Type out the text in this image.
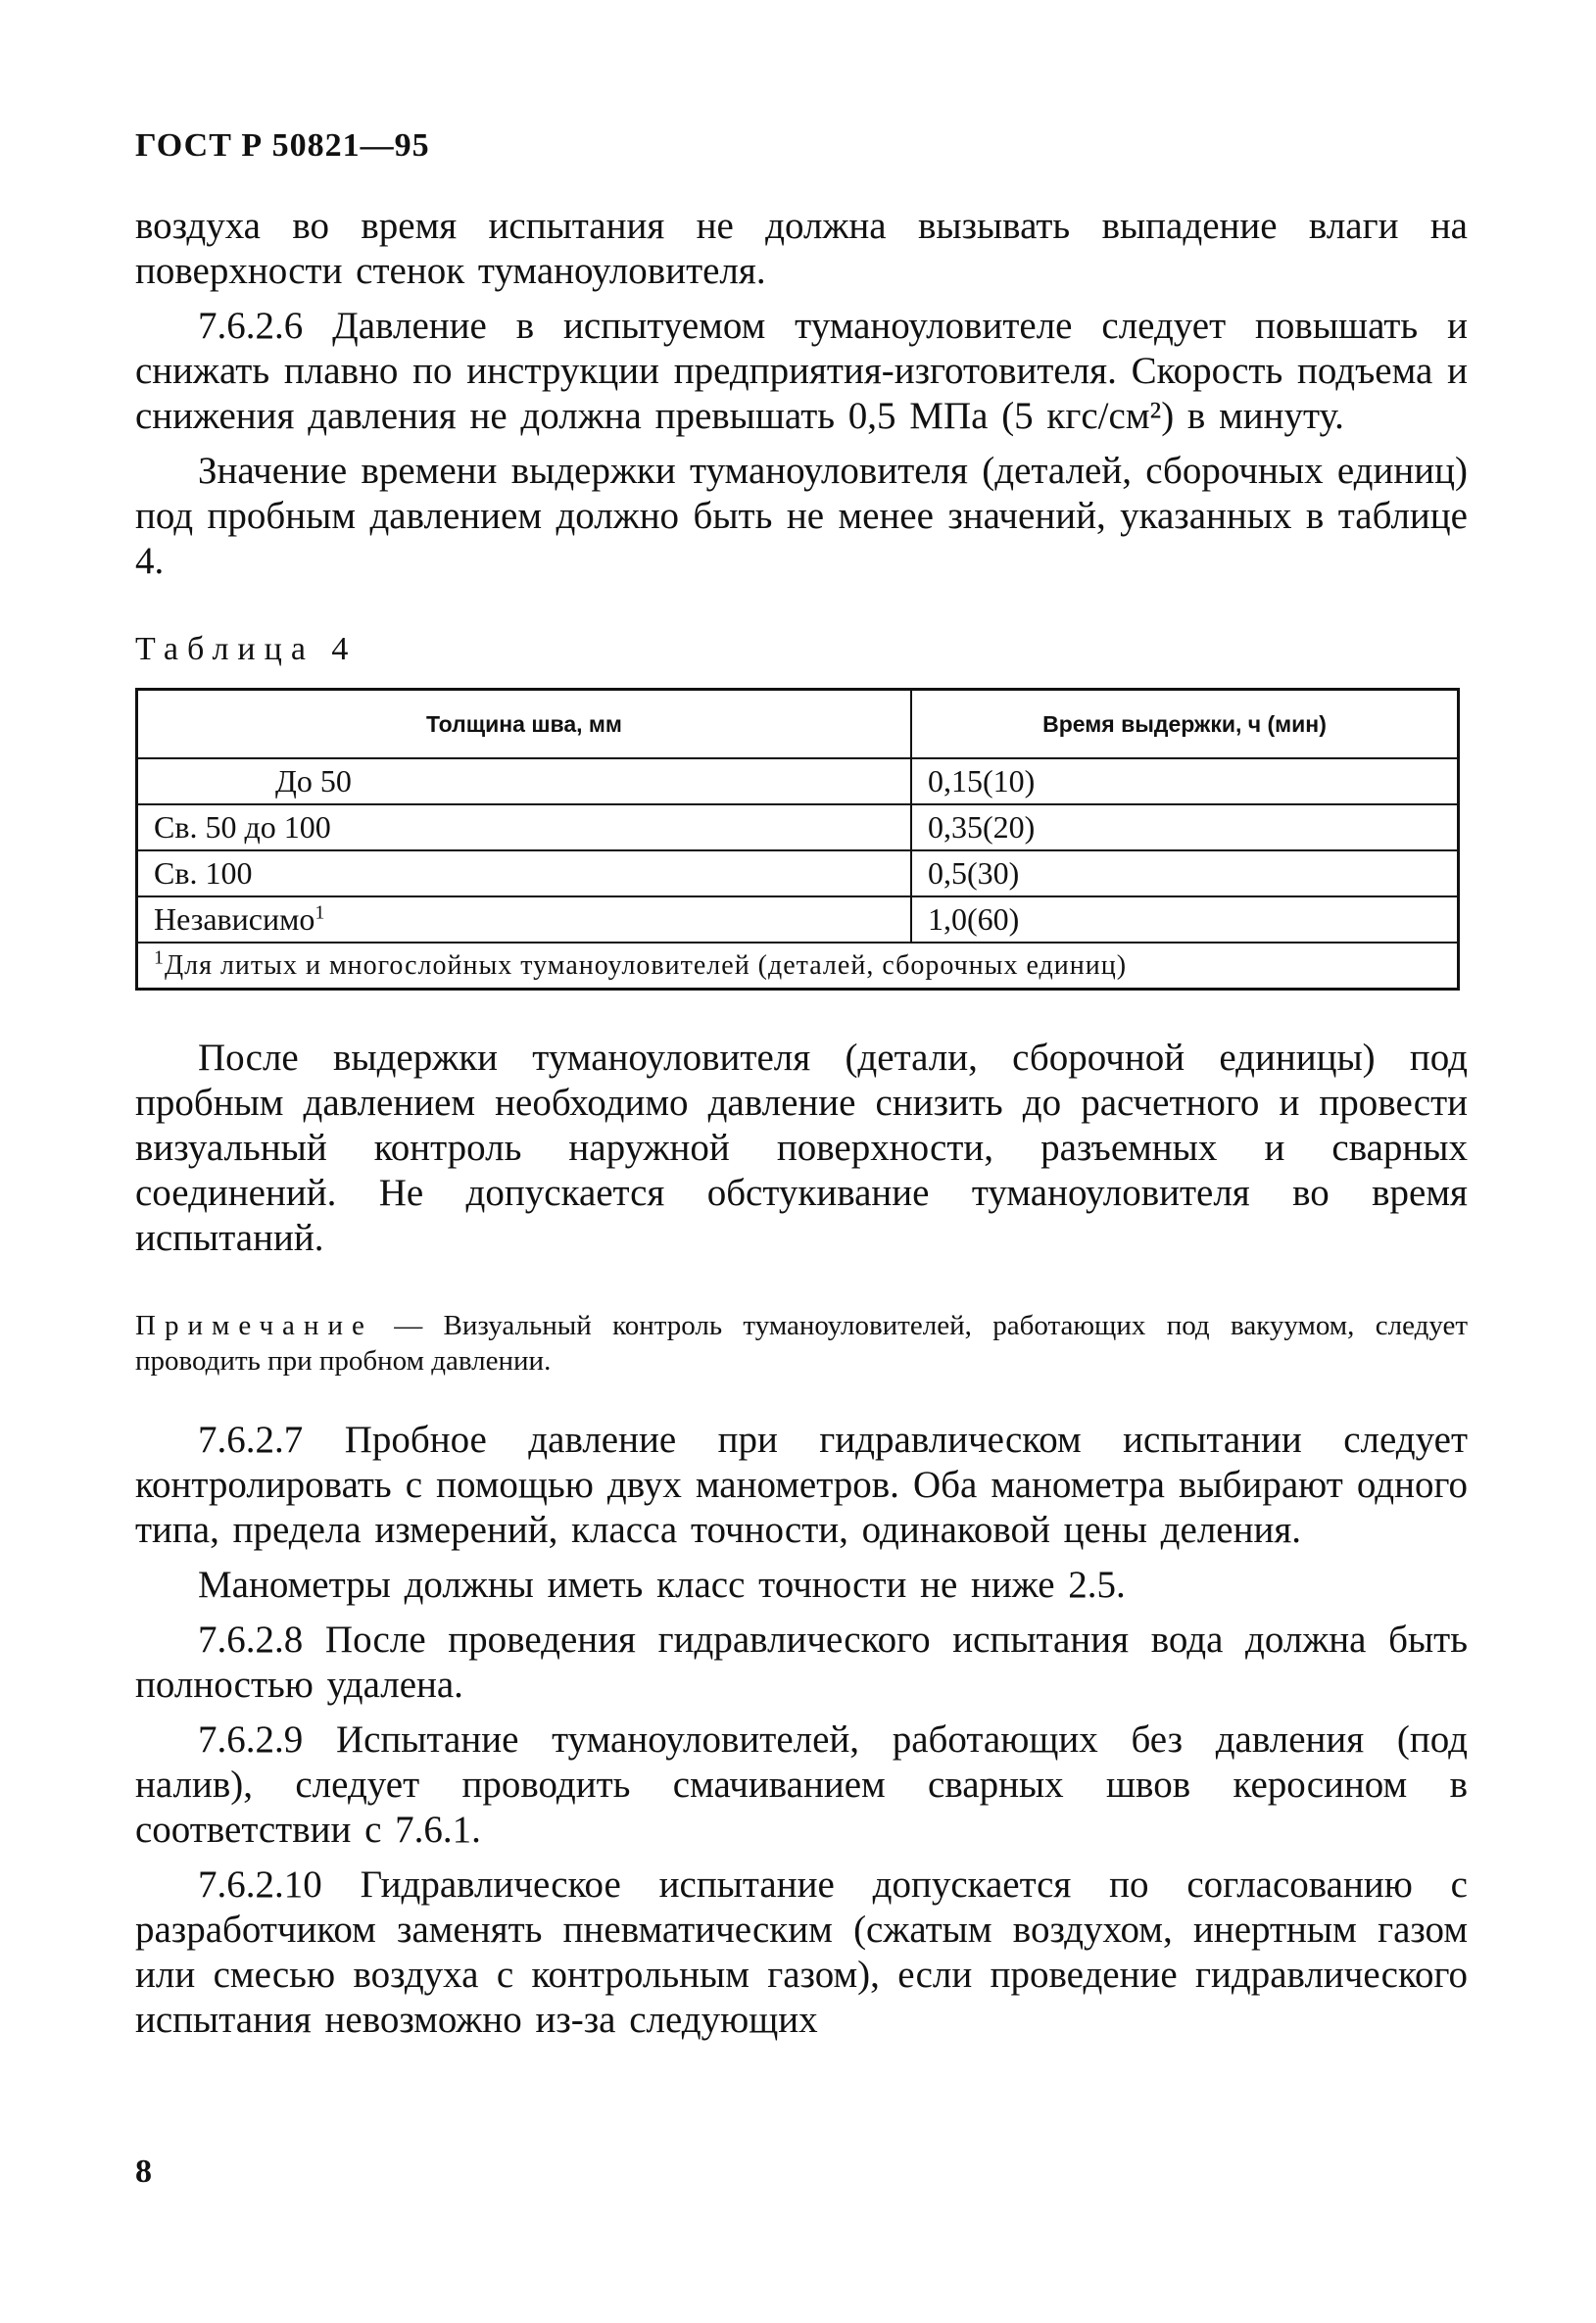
ГОСТ Р 50821—95

воздуха во время испытания не должна вызывать выпадение влаги на поверхности стенок туманоуловителя.

7.6.2.6 Давление в испытуемом туманоуловителе следует повышать и снижать плавно по инструкции предприятия-изготовителя. Скорость подъема и снижения давления не должна превышать 0,5 МПа (5 кгс/см²) в минуту.

Значение времени выдержки туманоуловителя (деталей, сборочных единиц) под пробным давлением должно быть не менее значений, указанных в таблице 4.

Таблица 4
Толщина шва, мм	Время выдержки, ч (мин)
До 50	0,15(10)
Св. 50 до 100	0,35(20)
Св. 100	0,5(30)
Независимо$^1$	1,0(60)
$^1$Для литых и многослойных туманоуловителей (деталей, сборочных единиц)	

После выдержки туманоуловителя (детали, сборочной единицы) под пробным давлением необходимо давление снизить до расчетного и провести визуальный контроль наружной поверхности, разъемных и сварных соединений. Не допускается обстукивание туманоуловителя во время испытаний.

Примечание — Визуальный контроль туманоуловителей, работающих под вакуумом, следует проводить при пробном давлении.

7.6.2.7 Пробное давление при гидравлическом испытании следует контролировать с помощью двух манометров. Оба манометра выбирают одного типа, предела измерений, класса точности, одинаковой цены деления.

Манометры должны иметь класс точности не ниже 2.5.

7.6.2.8 После проведения гидравлического испытания вода должна быть полностью удалена.

7.6.2.9 Испытание туманоуловителей, работающих без давления (под налив), следует проводить смачиванием сварных швов керосином в соответствии с 7.6.1.

7.6.2.10 Гидравлическое испытание допускается по согласованию с разработчиком заменять пневматическим (сжатым воздухом, инертным газом или смесью воздуха с контрольным газом), если проведение гидравлического испытания невозможно из-за следующих

8
